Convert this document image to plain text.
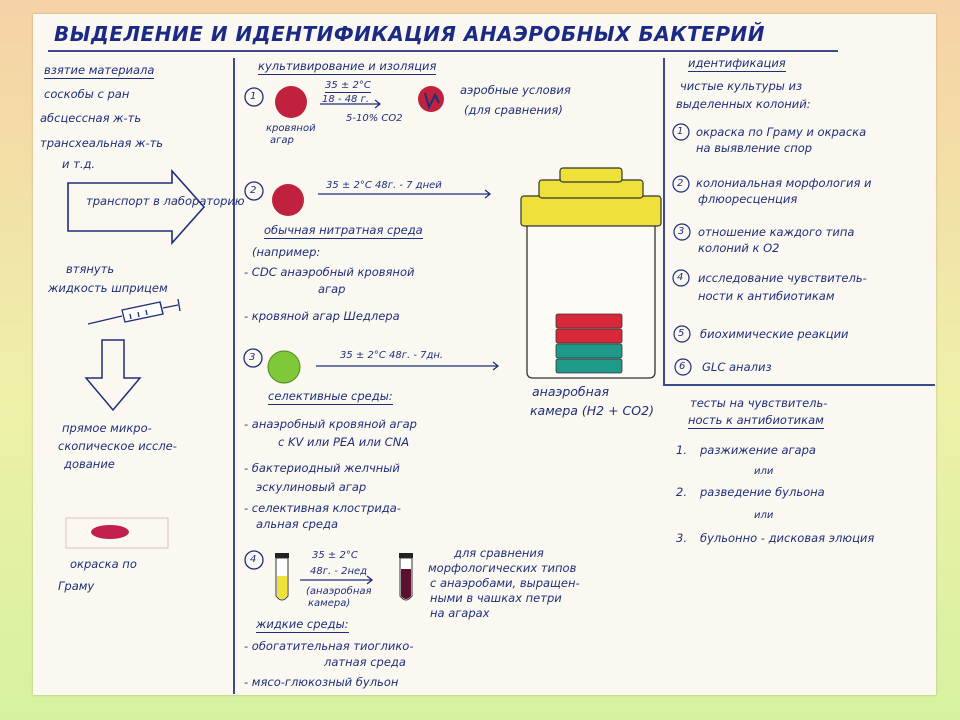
ВЫДЕЛЕНИЕ И ИДЕНТИФИКАЦИЯ АНАЭРОБНЫХ БАКТЕРИЙ
взятие материала
соскобы с ран
абсцессная ж-ть
трансхеальная ж-ть
и т.д.
транспорт в лабораторию
втянуть
жидкость шприцем
прямое микро-
скопическое иссле-
дование
окраска по
Граму
культивирование и изоляция
1
35 ± 2°C
18 - 48 г.
5-10% CO2
кровяной
агар
аэробные условия
(для сравнения)
2	35 ± 2°C 48г. - 7 дней
обычная нитратная среда
(например:
- CDC анаэробный кровяной
агар
- кровяной агар Шедлера
3	35 ± 2°C 48г. - 7дн.
селективные среды:
- анаэробный кровяной агар
с KV или PEA или CNA
- бактериодный желчный
эскулиновый агар
- селективная клострида-
альная среда
4	35 ± 2°C
48г. - 2нед
(анаэробная
камера)
для сравнения
морфологических типов
с анаэробами, выращен-
ными в чашках петри
на агарах
жидкие среды:
- обогатительная тиоглико-
латная среда
- мясо-глюкозный бульон
анаэробная
камера (H2 + CO2)
идентификация
чистые культуры из
выделенных колоний:
1 окраска по Граму и окраска
на выявление спор
2 колониальная морфология и
флюоресценция
3 отношение каждого типа
колоний к O2
4 исследование чувствитель-
ности к антибиотикам
5 биохимические реакции
6 GLC анализ
тесты на чувствитель-
ность к антибиотикам
1. разжижение агара
или
2. разведение бульона
или
3. бульонно - дисковая элюция
